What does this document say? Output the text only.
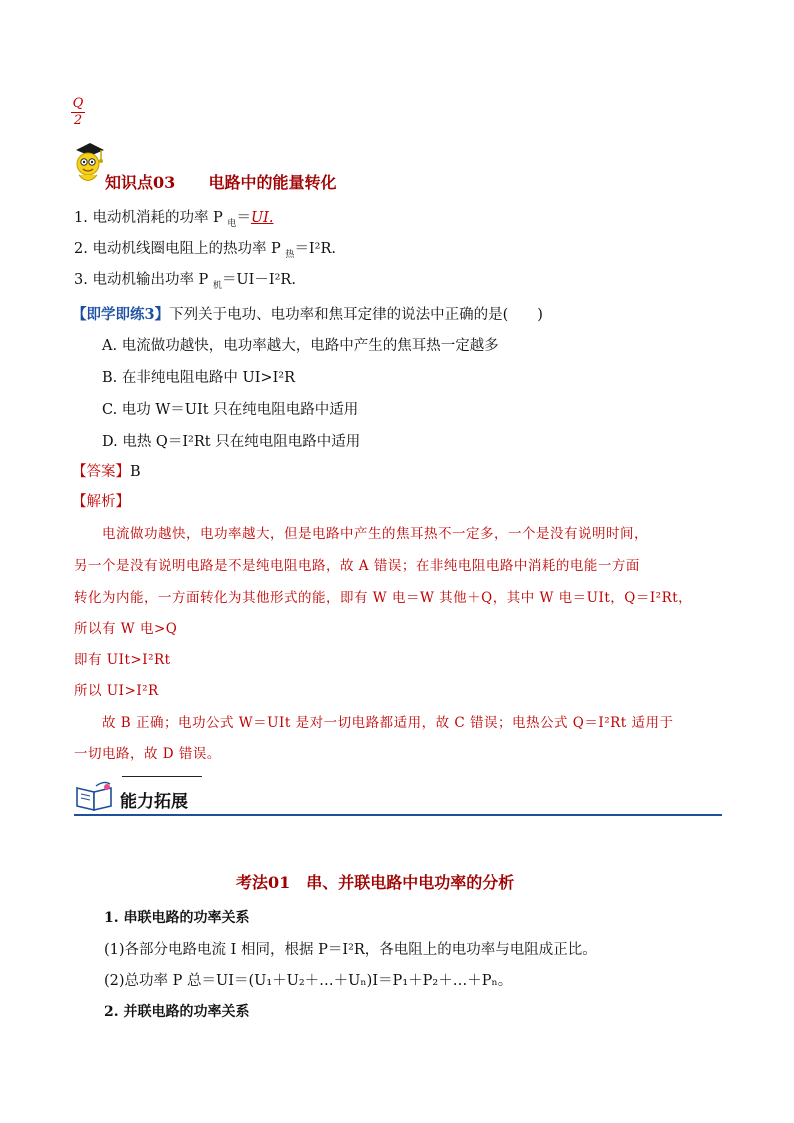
Q
2
知识点03 电路中的能量转化
1. 电动机消耗的功率 P $_电$＝UI.
2. 电动机线圈电阻上的热功率 P $_热$＝I²R.
3. 电动机输出功率 P $_机$＝UI－I²R.
【即学即练3】下列关于电功、电功率和焦耳定律的说法中正确的是(　　)
A. 电流做功越快，电功率越大，电路中产生的焦耳热一定越多
B. 在非纯电阻电路中 UI>I²R
C. 电功 W＝UIt 只在纯电阻电路中适用
D. 电热 Q＝I²Rt 只在纯电阻电路中适用
【答案】B
【解析】
电流做功越快，电功率越大，但是电路中产生的焦耳热不一定多，一个是没有说明时间，
另一个是没有说明电路是不是纯电阻电路，故 A 错误；在非纯电阻电路中消耗的电能一方面
转化为内能，一方面转化为其他形式的能，即有 W 电＝W 其他＋Q，其中 W 电＝UIt，Q＝I²Rt，
所以有 W 电>Q
即有 UIt>I²Rt
所以 UI>I²R
故 B 正确；电功公式 W＝UIt 是对一切电路都适用，故 C 错误；电热公式 Q＝I²Rt 适用于
一切电路，故 D 错误。
能力拓展
考法01　串、并联电路中电功率的分析
1. 串联电路的功率关系
(1)各部分电路电流 I 相同，根据 P＝I²R，各电阻上的电功率与电阻成正比。
(2)总功率 P 总＝UI＝(U₁＋U₂＋…＋Uₙ)I＝P₁＋P₂＋…＋Pₙ。
2. 并联电路的功率关系
